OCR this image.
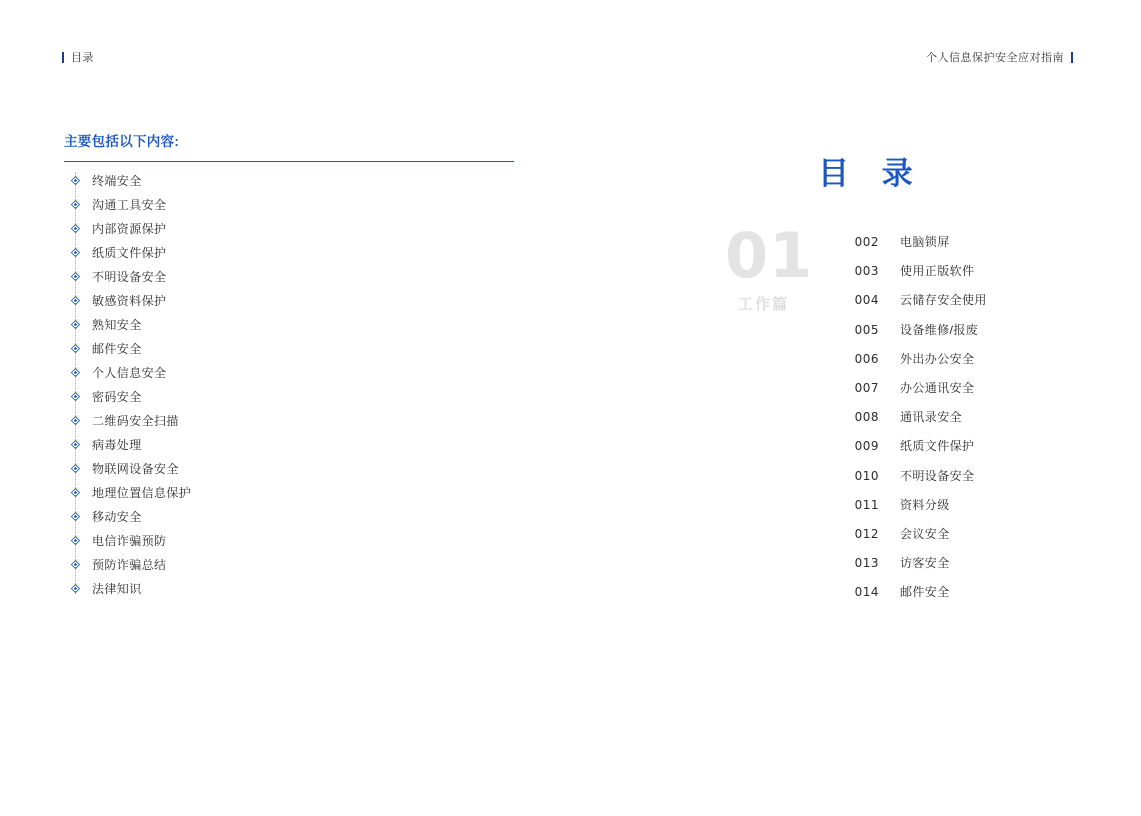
目录	个人信息保护安全应对指南
主要包括以下内容:
终端安全
沟通工具安全
内部资源保护
纸质文件保护
不明设备安全
敏感资料保护
熟知安全
邮件安全
个人信息安全
密码安全
二维码安全扫描
病毒处理
物联网设备安全
地理位置信息保护
移动安全
电信诈骗预防
预防诈骗总结
法律知识
目 录
01
工作篇
002	电脑锁屏
003	使用正版软件
004	云储存安全使用
005	设备维修/报废
006	外出办公安全
007	办公通讯安全
008	通讯录安全
009	纸质文件保护
010	不明设备安全
011	资料分级
012	会议安全
013	访客安全
014	邮件安全
